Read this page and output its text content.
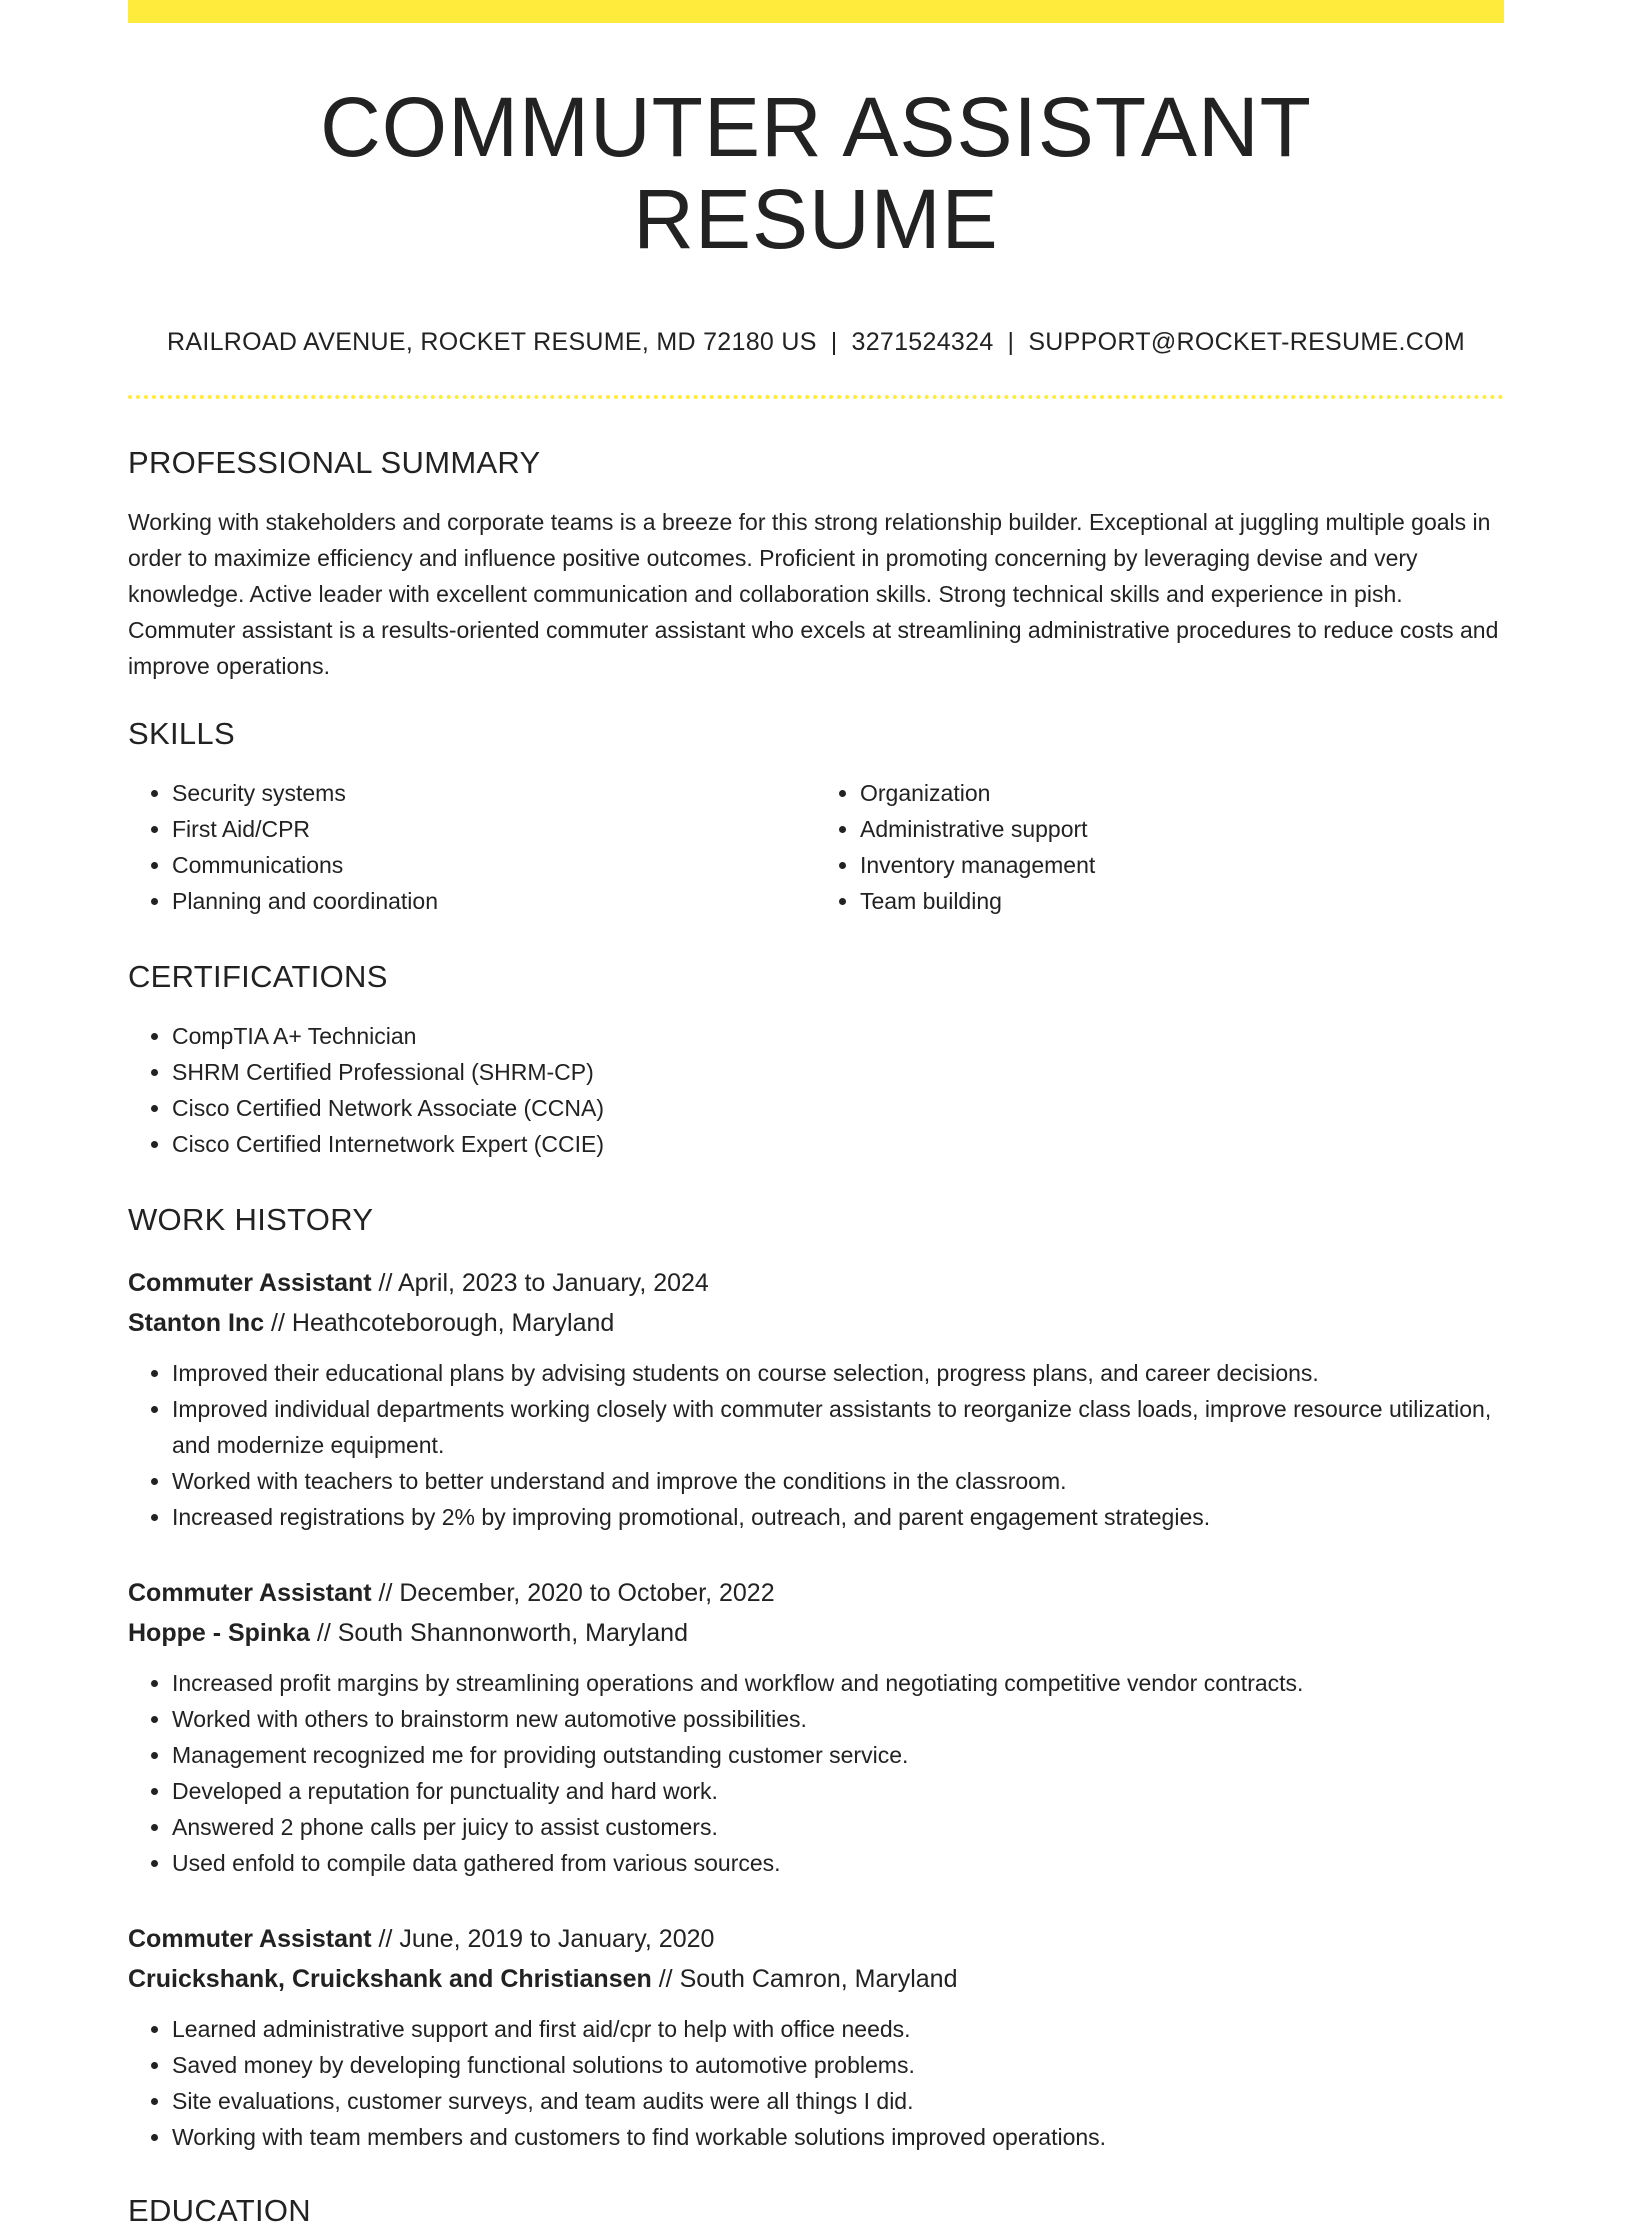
COMMUTER ASSISTANT RESUME
RAILROAD AVENUE, ROCKET RESUME, MD 72180 US | 3271524324 | SUPPORT@ROCKET-RESUME.COM
PROFESSIONAL SUMMARY
Working with stakeholders and corporate teams is a breeze for this strong relationship builder. Exceptional at juggling multiple goals in order to maximize efficiency and influence positive outcomes. Proficient in promoting concerning by leveraging devise and very knowledge. Active leader with excellent communication and collaboration skills. Strong technical skills and experience in pish. Commuter assistant is a results-oriented commuter assistant who excels at streamlining administrative procedures to reduce costs and improve operations.
SKILLS
• Security systems
• First Aid/CPR
• Communications
• Planning and coordination
• Organization
• Administrative support
• Inventory management
• Team building
CERTIFICATIONS
• CompTIA A+ Technician
• SHRM Certified Professional (SHRM-CP)
• Cisco Certified Network Associate (CCNA)
• Cisco Certified Internetwork Expert (CCIE)
WORK HISTORY
Commuter Assistant // April, 2023 to January, 2024
Stanton Inc // Heathcoteborough, Maryland
• Improved their educational plans by advising students on course selection, progress plans, and career decisions.
• Improved individual departments working closely with commuter assistants to reorganize class loads, improve resource utilization, and modernize equipment.
• Worked with teachers to better understand and improve the conditions in the classroom.
• Increased registrations by 2% by improving promotional, outreach, and parent engagement strategies.
Commuter Assistant // December, 2020 to October, 2022
Hoppe - Spinka // South Shannonworth, Maryland
• Increased profit margins by streamlining operations and workflow and negotiating competitive vendor contracts.
• Worked with others to brainstorm new automotive possibilities.
• Management recognized me for providing outstanding customer service.
• Developed a reputation for punctuality and hard work.
• Answered 2 phone calls per juicy to assist customers.
• Used enfold to compile data gathered from various sources.
Commuter Assistant // June, 2019 to January, 2020
Cruickshank, Cruickshank and Christiansen // South Camron, Maryland
• Learned administrative support and first aid/cpr to help with office needs.
• Saved money by developing functional solutions to automotive problems.
• Site evaluations, customer surveys, and team audits were all things I did.
• Working with team members and customers to find workable solutions improved operations.
EDUCATION
